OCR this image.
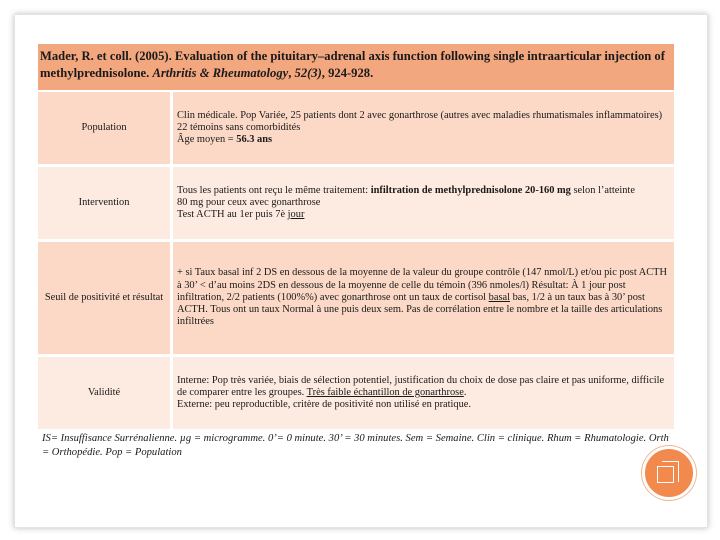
Mader, R. et coll. (2005). Evaluation of the pituitary–adrenal axis function following single intraarticular injection of methylprednisolone. Arthritis & Rheumatology, 52(3), 924-928.
Population	Clin médicale. Pop Variée, 25 patients dont 2 avec gonarthrose (autres avec maladies rhumatismales inflammatoires)
22 témoins sans comorbidités
Âge moyen = 56.3 ans

Intervention	Tous les patients ont reçu le même traitement: infiltration de methylprednisolone 20-160 mg selon l’atteinte
80 mg pour ceux avec gonarthrose
Test ACTH au 1er puis 7è jour

Seuil de positivité et résultat	+ si Taux basal inf 2 DS en dessous de la moyenne de la valeur du groupe contrôle (147 nmol/L) et/ou pic post ACTH à 30’ < d’au moins 2DS en dessous de la moyenne de celle du témoin (396 nmoles/l) Résultat: À 1 jour post infiltration, 2/2 patients (100%%) avec gonarthrose ont un taux de cortisol basal bas, 1/2 à un taux bas à 30’ post ACTH. Tous ont un taux Normal à une puis deux sem. Pas de corrélation entre le nombre et la taille des articulations infiltrées
Validité	Interne: Pop très variée, biais de sélection potentiel, justification du choix de dose pas claire et pas uniforme, difficile de comparer entre les groupes. Très faible échantillon de gonarthrose.
Externe: peu reproductible, critère de positivité non utilisé en pratique.
IS= Insuffisance Surrénalienne. µg = microgramme. 0’= 0 minute. 30’ = 30 minutes. Sem = Semaine. Clin = clinique. Rhum = Rhumatologie. Orth = Orthopédie. Pop = Population
